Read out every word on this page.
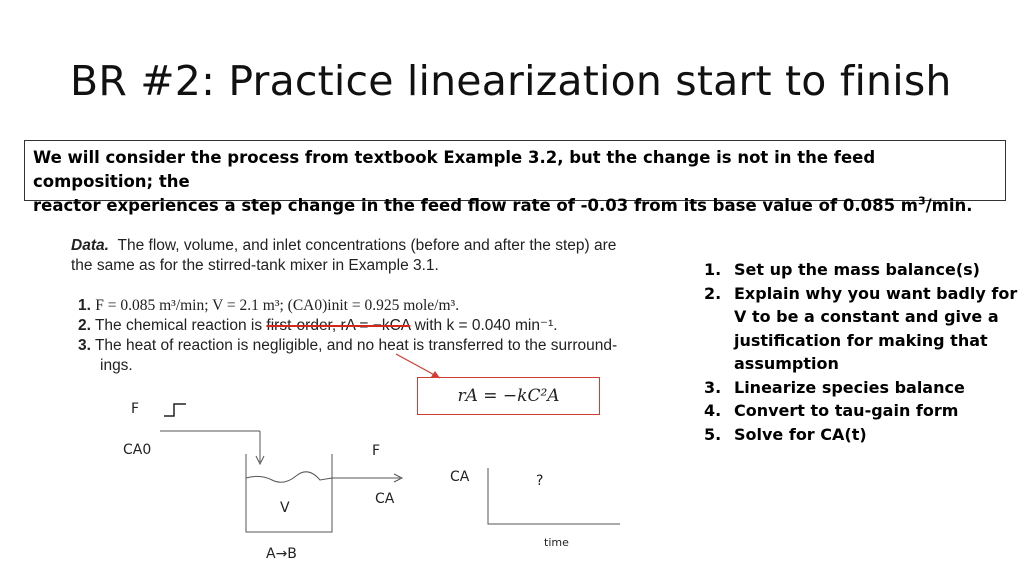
BR #2: Practice linearization start to finish
We will consider the process from textbook Example 3.2, but the change is not in the feed composition; the
reactor experiences a step change in the feed flow rate of -0.03 from its base value of 0.085 $m^3/\min$.
Data. The flow, volume, and inlet concentrations (before and after the step) are
the same as for the stirred-tank mixer in Example 3.1.
1. F = 0.085 m³/min; V = 2.1 m³; (CA0)init = 0.925 mole/m³.
2. The chemical reaction is first-order, rA = −kCA with k = 0.040 min⁻¹.
3. The heat of reaction is negligible, and no heat is transferred to the surround-
ings.
rA = −kC²A
1. Set up the mass balance(s)
2. Explain why you want badly for V to be a constant and give a justification for making that assumption
3. Linearize species balance
4. Convert to tau-gain form
5. Solve for CA(t)
F
CA0
V
F
CA
A→B
CA	?
time
